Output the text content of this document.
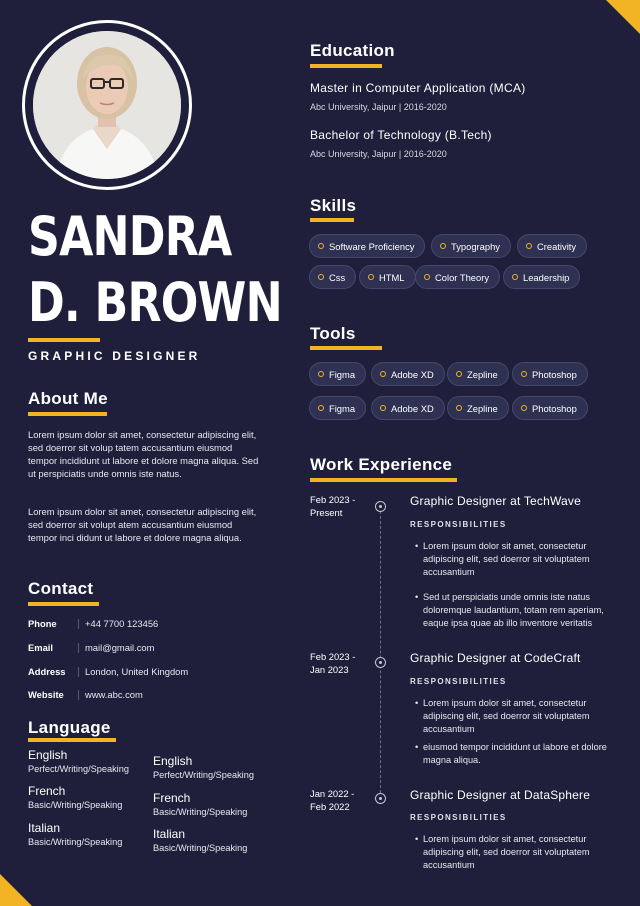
SANDRA
D. BROWN
GRAPHIC DESIGNER
About Me
Lorem ipsum dolor sit amet, consectetur adipiscing elit, sed doerror sit volup tatem accusantium eiusmod tempor incididunt ut labore et dolore magna aliqua. Sed ut perspiciatis unde omnis iste natus.
Lorem ipsum dolor sit amet, consectetur adipiscing elit, sed doerror sit volupt atem accusantium eiusmod tempor inci didunt ut labore et dolore magna aliqua.
Contact
Phone	+44 7700 123456
Email	mail@gmail.com
Address	London, United Kingdom
Website	www.abc.com
Language
English
Perfect/Writing/Speaking
French
Basic/Writing/Speaking
Italian
Basic/Writing/Speaking
English
Perfect/Writing/Speaking
French
Basic/Writing/Speaking
Italian
Basic/Writing/Speaking
Education
Master in Computer Application (MCA)
Abc University, Jaipur | 2016-2020
Bachelor of Technology (B.Tech)
Abc University, Jaipur | 2016-2020
Skills
Software Proficiency	Typography	Creativity
Css	HTML	Color Theory	Leadership
Tools
Figma	Adobe XD	Zepline	Photoshop
Figma	Adobe XD	Zepline	Photoshop
Work Experience
Feb 2023 -
Present
Graphic Designer at TechWave
RESPONSIBILITIES
• Lorem ipsum dolor sit amet, consectetur adipiscing elit, sed doerror sit voluptatem accusantium
• Sed ut perspiciatis unde omnis iste natus doloremque laudantium, totam rem aperiam, eaque ipsa quae ab illo inventore veritatis
Feb 2023 -
Jan 2023
Graphic Designer at CodeCraft
RESPONSIBILITIES
• Lorem ipsum dolor sit amet, consectetur adipiscing elit, sed doerror sit voluptatem accusantium
• eiusmod tempor incididunt ut labore et dolore magna aliqua.
Jan 2022 -
Feb 2022
Graphic Designer at DataSphere
RESPONSIBILITIES
• Lorem ipsum dolor sit amet, consectetur adipiscing elit, sed doerror sit voluptatem accusantium
